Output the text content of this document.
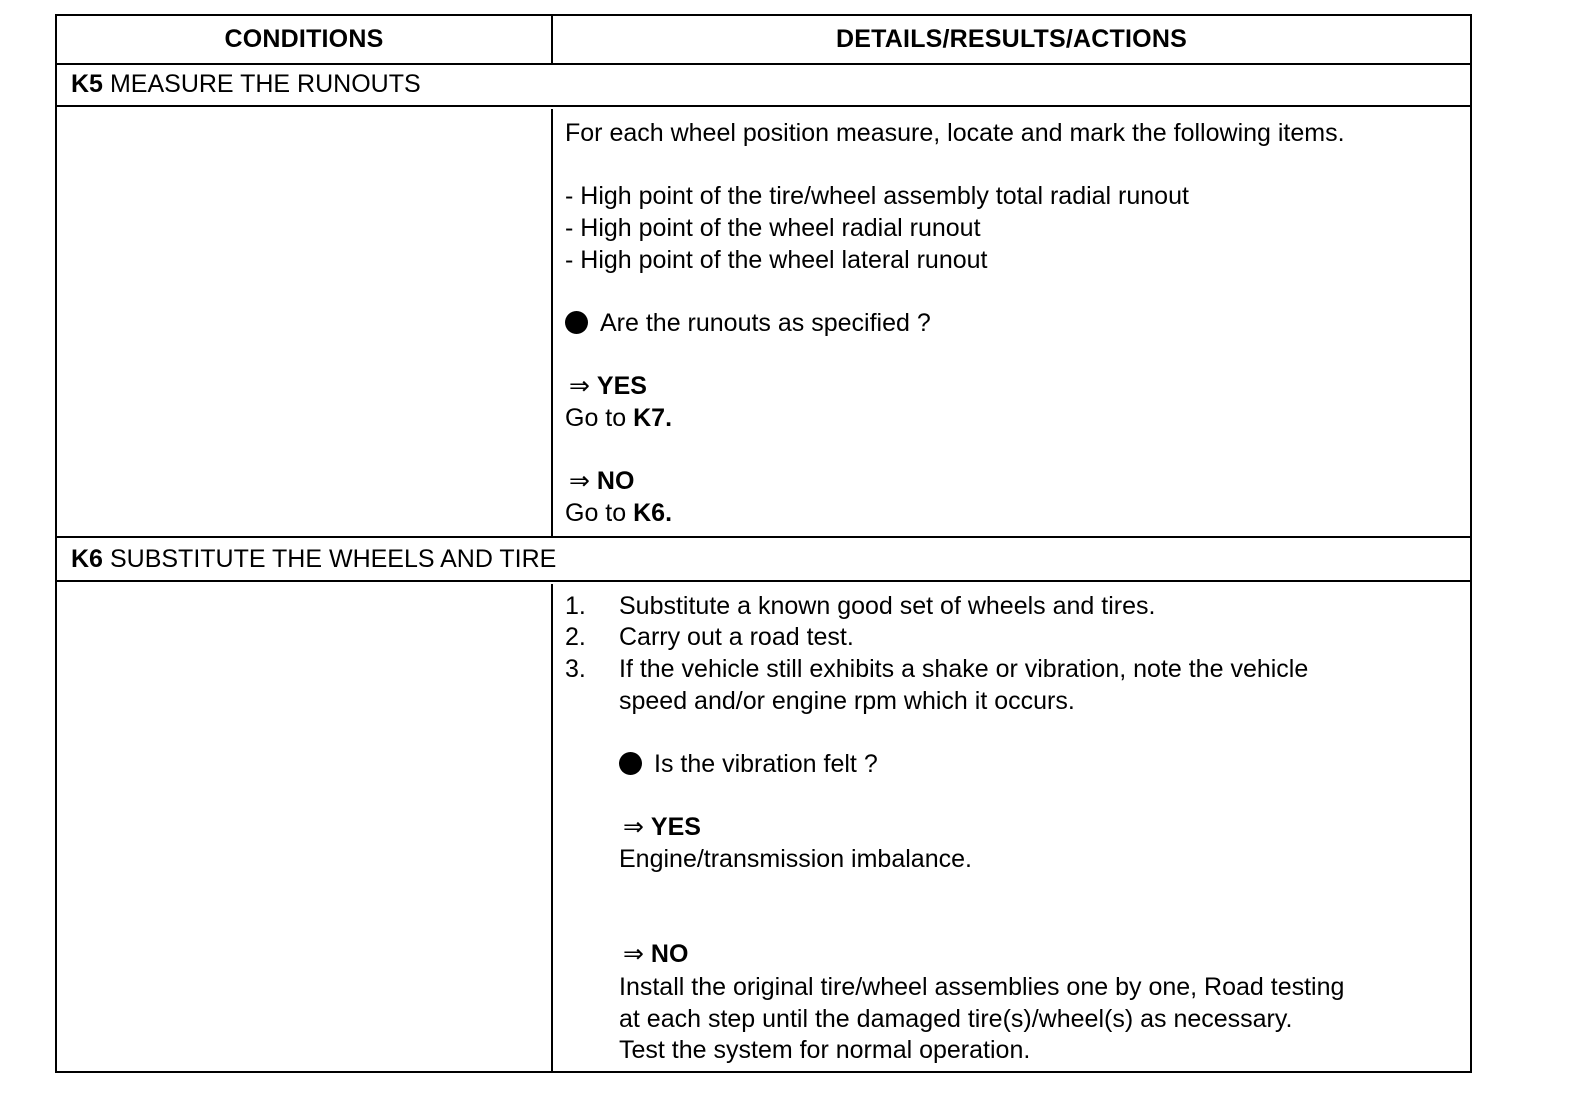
CONDITIONS	DETAILS/RESULTS/ACTIONS
K5 MEASURE THE RUNOUTS
For each wheel position measure, locate and mark the following items.
- High point of the tire/wheel assembly total radial runout
- High point of the wheel radial runout
- High point of the wheel lateral runout
Are the runouts as specified ?
⇒ YES
Go to K7.
⇒ NO
Go to K6.
K6 SUBSTITUTE THE WHEELS AND TIRE
1. Substitute a known good set of wheels and tires.
2. Carry out a road test.
3. If the vehicle still exhibits a shake or vibration, note the vehicle
speed and/or engine rpm which it occurs.
Is the vibration felt ?
⇒ YES
Engine/transmission imbalance.
⇒ NO
Install the original tire/wheel assemblies one by one, Road testing
at each step until the damaged tire(s)/wheel(s) as necessary.
Test the system for normal operation.
